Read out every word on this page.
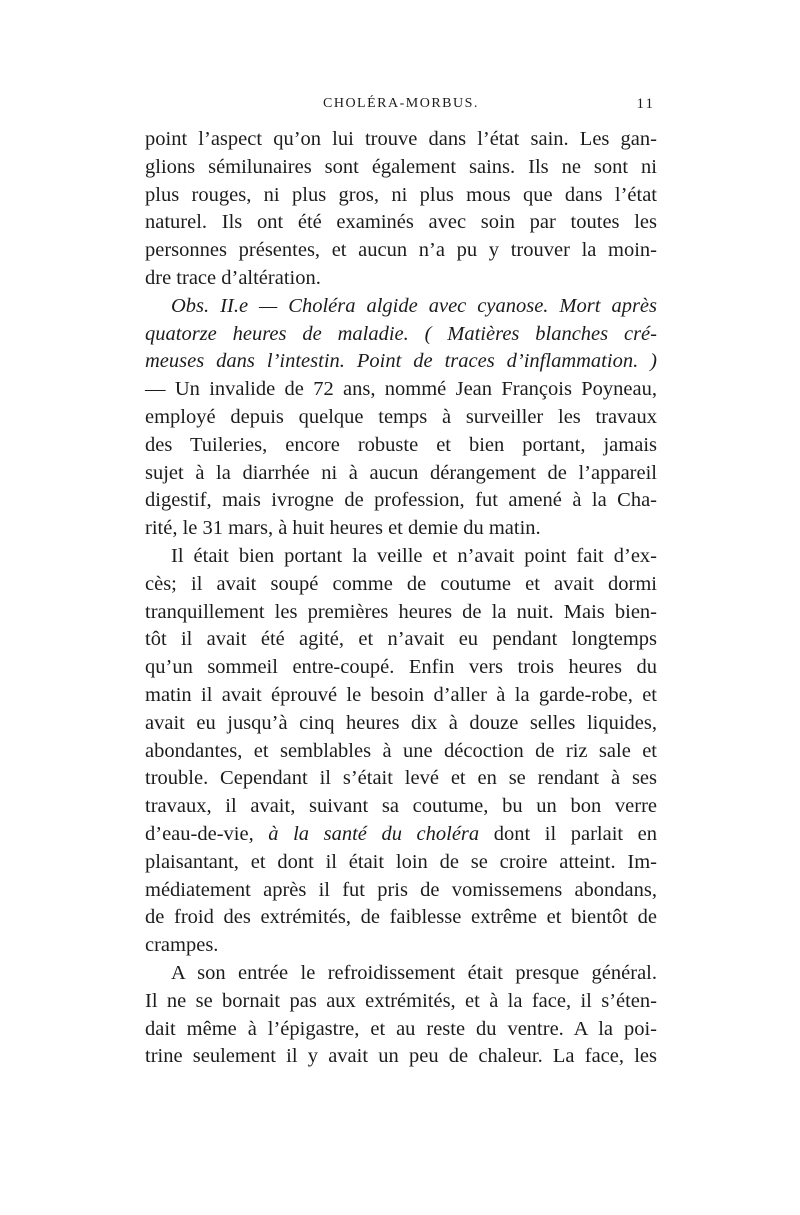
CHOLÉRA-MORBUS.	11
point l’aspect qu’on lui trouve dans l’état sain. Les gan-
glions sémilunaires sont également sains. Ils ne sont ni
plus rouges, ni plus gros, ni plus mous que dans l’état
naturel. Ils ont été examinés avec soin par toutes les
personnes présentes, et aucun n’a pu y trouver la moin-
dre trace d’altération.
Obs. II.e — Choléra algide avec cyanose. Mort après
quatorze heures de maladie. ( Matières blanches cré-
meuses dans l’intestin. Point de traces d’inflammation. )
— Un invalide de 72 ans, nommé Jean François Poyneau,
employé depuis quelque temps à surveiller les travaux
des Tuileries, encore robuste et bien portant, jamais
sujet à la diarrhée ni à aucun dérangement de l’appareil
digestif, mais ivrogne de profession, fut amené à la Cha-
rité, le 31 mars, à huit heures et demie du matin.
Il était bien portant la veille et n’avait point fait d’ex-
cès; il avait soupé comme de coutume et avait dormi
tranquillement les premières heures de la nuit. Mais bien-
tôt il avait été agité, et n’avait eu pendant longtemps
qu’un sommeil entre-coupé. Enfin vers trois heures du
matin il avait éprouvé le besoin d’aller à la garde-robe, et
avait eu jusqu’à cinq heures dix à douze selles liquides,
abondantes, et semblables à une décoction de riz sale et
trouble. Cependant il s’était levé et en se rendant à ses
travaux, il avait, suivant sa coutume, bu un bon verre
d’eau-de-vie, à la santé du choléra dont il parlait en
plaisantant, et dont il était loin de se croire atteint. Im-
médiatement après il fut pris de vomissemens abondans,
de froid des extrémités, de faiblesse extrême et bientôt de
crampes.
A son entrée le refroidissement était presque général.
Il ne se bornait pas aux extrémités, et à la face, il s’éten-
dait même à l’épigastre, et au reste du ventre. A la poi-
trine seulement il y avait un peu de chaleur. La face, les
